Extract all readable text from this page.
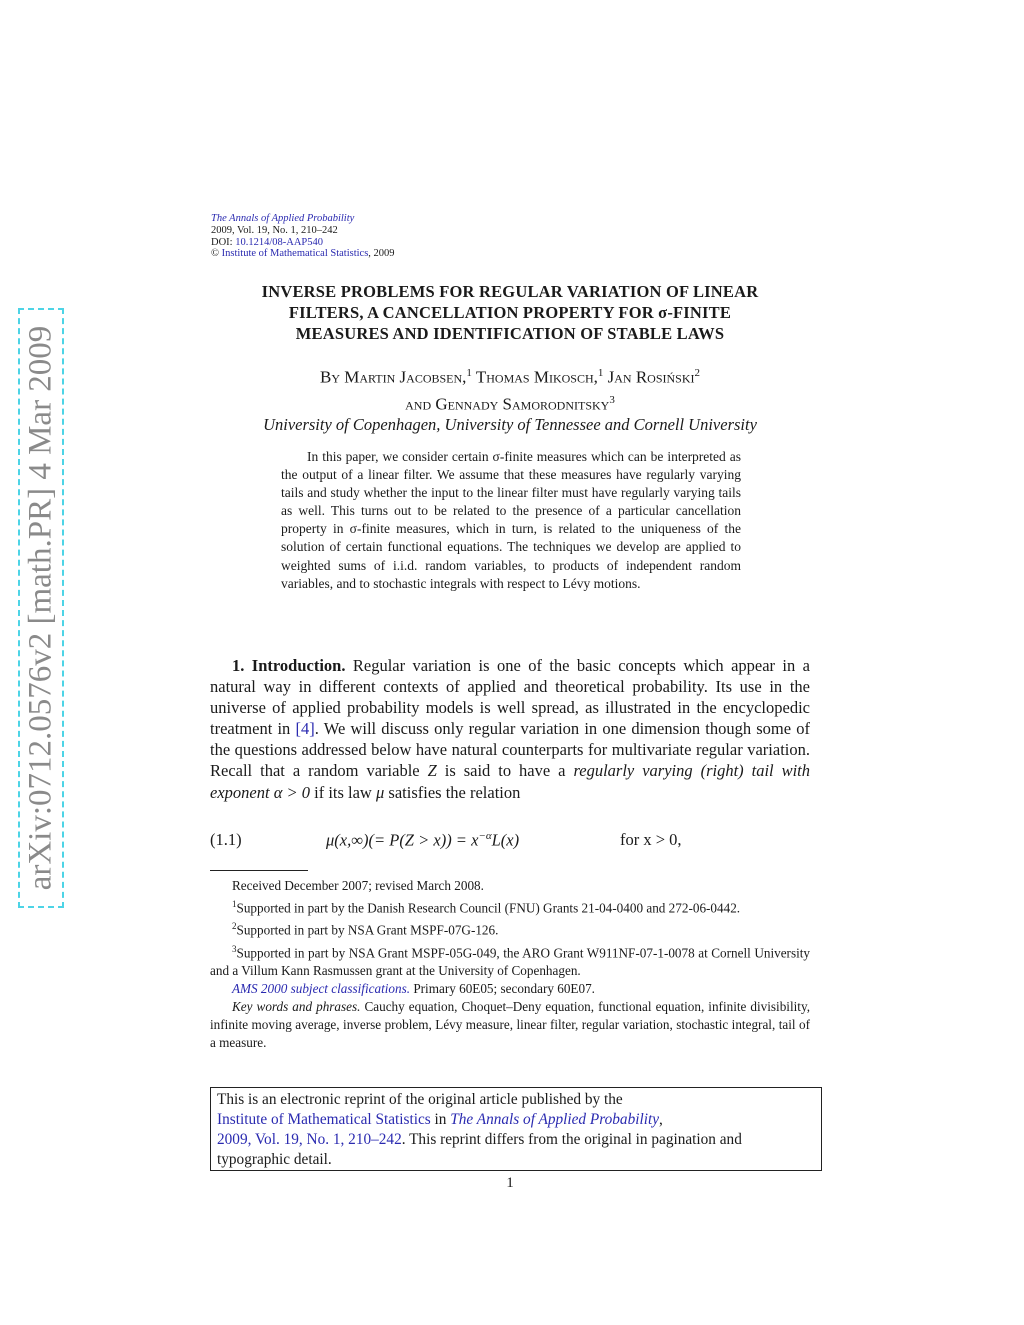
arXiv:0712.0576v2 [math.PR] 4 Mar 2009
The Annals of Applied Probability
2009, Vol. 19, No. 1, 210–242
DOI: 10.1214/08-AAP540
© Institute of Mathematical Statistics, 2009
INVERSE PROBLEMS FOR REGULAR VARIATION OF LINEAR
FILTERS, A CANCELLATION PROPERTY FOR σ-FINITE
MEASURES AND IDENTIFICATION OF STABLE LAWS
By Martin Jacobsen,$^1$ Thomas Mikosch,$^1$ Jan Rosiński$^2$
and Gennady Samorodnitsky$^3$
University of Copenhagen, University of Tennessee and Cornell University
In this paper, we consider certain σ-finite measures which can be interpreted as the output of a linear filter. We assume that these measures have regularly varying tails and study whether the input to the linear filter must have regularly varying tails as well. This turns out to be related to the presence of a particular cancellation property in σ-finite measures, which in turn, is related to the uniqueness of the solution of certain functional equations. The techniques we develop are applied to weighted sums of i.i.d. random variables, to products of independent random variables, and to stochastic integrals with respect to Lévy motions.
1. Introduction. Regular variation is one of the basic concepts which appear in a natural way in different contexts of applied and theoretical probability. Its use in the universe of applied probability models is well spread, as illustrated in the encyclopedic treatment in [4]. We will discuss only regular variation in one dimension though some of the questions addressed below have natural counterparts for multivariate regular variation. Recall that a random variable Z is said to have a regularly varying (right) tail with exponent α > 0 if its law μ satisfies the relation
(1.1)	$\mu(x,\infty)(= P(Z > x)) = x^{-\alpha}L(x)$	for x > 0,

Received December 2007; revised March 2008.

$^1$Supported in part by the Danish Research Council (FNU) Grants 21-04-0400 and 272-06-0442.

$^2$Supported in part by NSA Grant MSPF-07G-126.

$^3$Supported in part by NSA Grant MSPF-05G-049, the ARO Grant W911NF-07-1-0078 at Cornell University and a Villum Kann Rasmussen grant at the University of Copenhagen.

AMS 2000 subject classifications. Primary 60E05; secondary 60E07.

Key words and phrases. Cauchy equation, Choquet–Deny equation, functional equation, infinite divisibility, infinite moving average, inverse problem, Lévy measure, linear filter, regular variation, stochastic integral, tail of a measure.

This is an electronic reprint of the original article published by the
Institute of Mathematical Statistics in The Annals of Applied Probability,
2009, Vol. 19, No. 1, 210–242. This reprint differs from the original in pagination and typographic detail.
1
